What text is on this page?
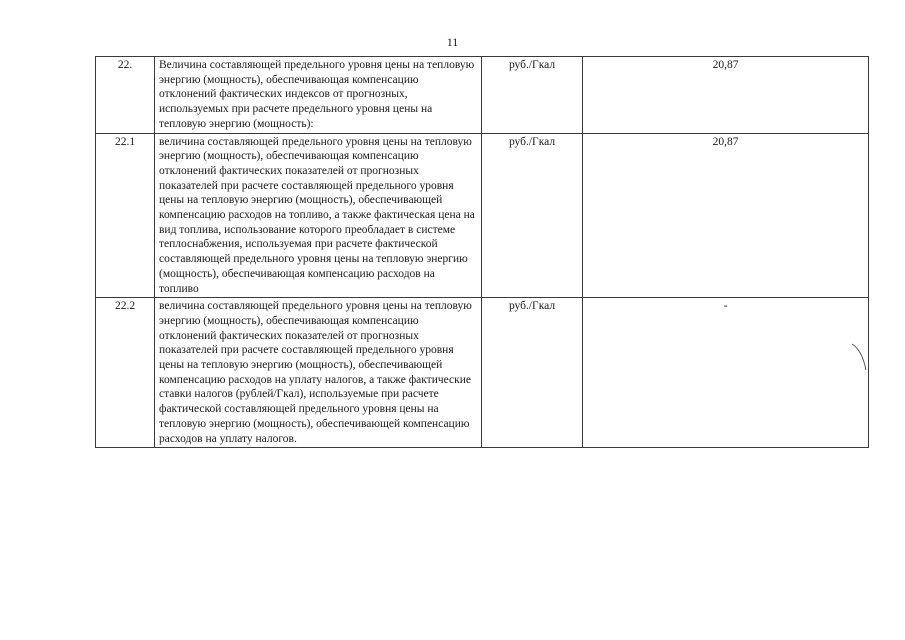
11
22.	Величина составляющей предельного уровня цены на тепловую энергию (мощность), обеспечивающая компенсацию отклонений фактических индексов от прогнозных, используемых при расчете предельного уровня цены на тепловую энергию (мощность):	руб./Гкал	20,87
22.1	величина составляющей предельного уровня цены на тепловую энергию (мощность), обеспечивающая компенсацию отклонений фактических показателей от прогнозных показателей при расчете составляющей предельного уровня цены на тепловую энергию (мощность), обеспечивающей компенсацию расходов на топливо, а также фактическая цена на вид топлива, использование которого преобладает в системе теплоснабжения, используемая при расчете фактической составляющей предельного уровня цены на тепловую энергию (мощность), обеспечивающая компенсацию расходов на топливо	руб./Гкал	20,87
22.2	величина составляющей предельного уровня цены на тепловую энергию (мощность), обеспечивающая компенсацию отклонений фактических показателей от прогнозных показателей при расчете составляющей предельного уровня цены на тепловую энергию (мощность), обеспечивающей компенсацию расходов на уплату налогов, а также фактические ставки налогов (рублей/Гкал), используемые при расчете фактической составляющей предельного уровня цены на тепловую энергию (мощность), обеспечивающей компенсацию расходов на уплату налогов.	руб./Гкал	-
